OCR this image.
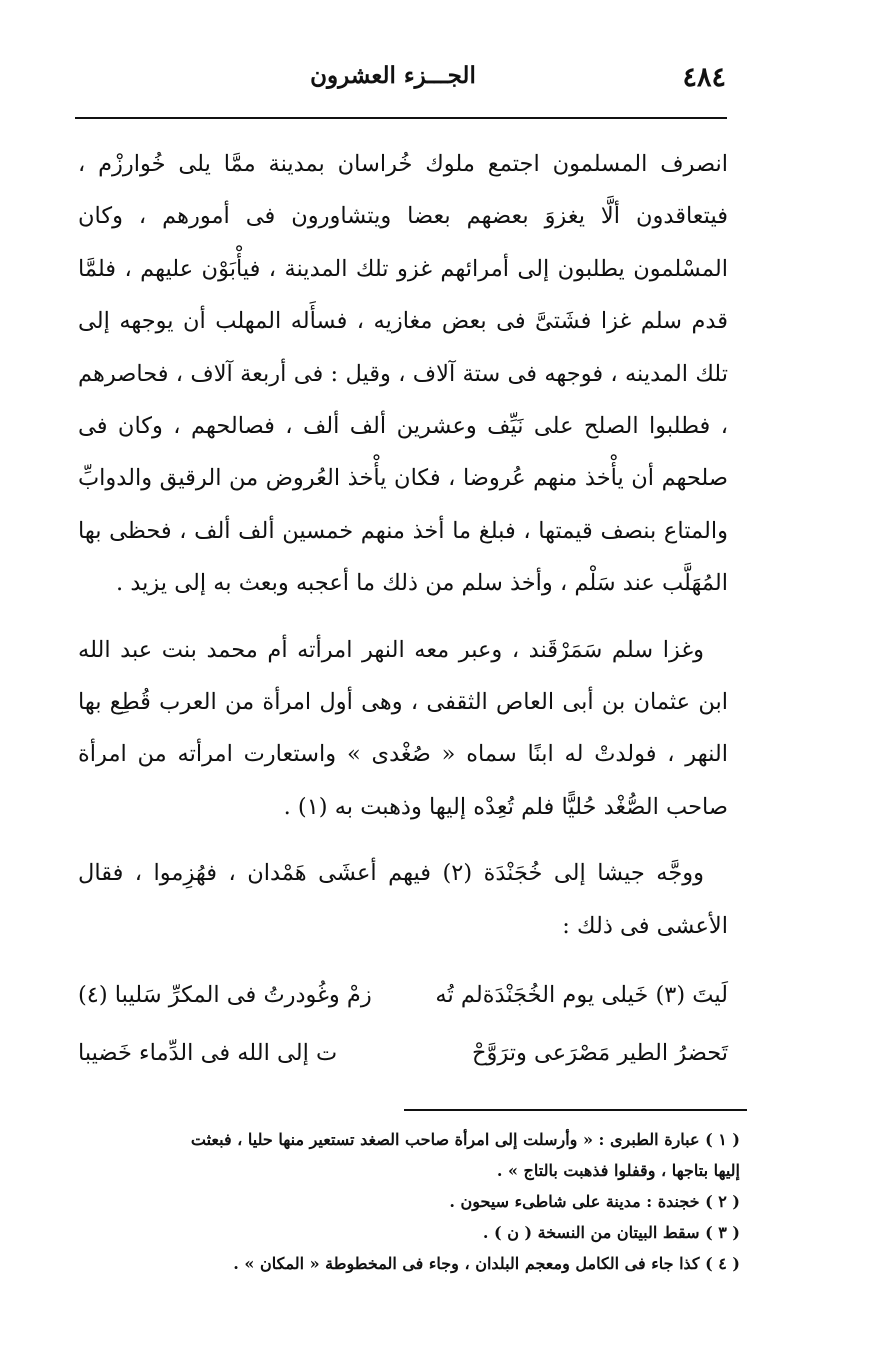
٤٨٤
الجـــزء العشرون

انصرف المسلمون اجتمع ملوك خُراسان بمدينة ممَّا يلى خُوارزْم ، فيتعاقدون ألَّا يغزوَ بعضهم بعضا ويتشاورون فى أمورهم ، وكان المسْلمون يطلبون إلى أمرائهم غزو تلك المدينة ، فيأْبَوْن عليهم ، فلمَّا قدم سلم غزا فشَتىَّ فى بعض مغازيه ، فسأَله المهلب أن يوجهه إلى تلك المدينه ، فوجهه فى ستة آلاف ، وقيل : فى أربعة آلاف ، فحاصرهم ، فطلبوا الصلح على نَيِّف وعشرين ألف ألف ، فصالحهم ، وكان فى صلحهم أن يأْخذ منهم عُروضا ، فكان يأْخذ العُروض من الرقيق والدوابِّ والمتاع بنصف قيمتها ، فبلغ ما أخذ منهم خمسين ألف ألف ، فحظى بها المُهَلَّب عند سَلْم ، وأخذ سلم من ذلك ما أعجبه وبعث به إلى يزيد .

وغزا سلم سَمَرْقَند ، وعبر معه النهر امرأته أم محمد بنت عبد الله ابن عثمان بن أبى العاص الثقفى ، وهى أول امرأة من العرب قُطِع بها النهر ، فولدتْ له ابنًا سماه « صُغْدى » واستعارت امرأته من امرأة صاحب الصُّغْد حُليًّا فلم تُعِدْه إليها وذهبت به (١) .

ووجَّه جيشا إلى خُجَنْدَة (٢) فيهم أعشَى هَمْدان ، فهُزِموا ، فقال الأعشى فى ذلك :

لَيتَ (٣) خَيلى يوم الخُجَنْدَةلم تُه
زمْ وغُودرتُ فى المكرِّ سَليبا (٤)
تَحضرُ الطير مَصْرَعى وترَوَّحْ
ت إلى الله فى الدِّماء خَضيبا
( ١ ) عبارة الطبرى : « وأرسلت إلى امرأة صاحب الصغد تستعير منها حليا ، فبعثت
إليها بتاجها ، وقفلوا فذهبت بالتاج » .
( ٢ ) خجندة : مدينة على شاطىء سيحون .
( ٣ ) سقط البيتان من النسخة ( ن ) .
( ٤ ) كذا جاء فى الكامل ومعجم البلدان ، وجاء فى المخطوطة « المكان » .
